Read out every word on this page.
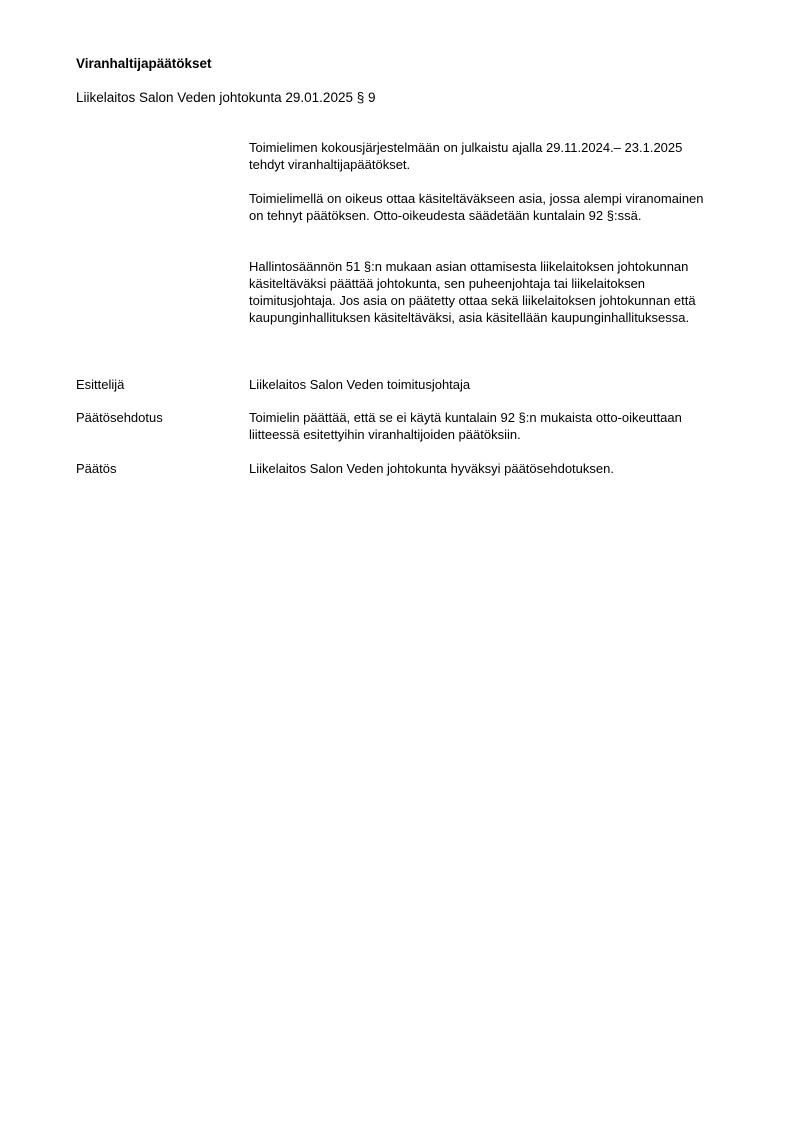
Viranhaltijapäätökset
Liikelaitos Salon Veden johtokunta 29.01.2025 § 9

Toimielimen kokousjärjestelmään on julkaistu ajalla 29.11.2024.– 23.1.2025 tehdyt viranhaltijapäätökset.

Toimielimellä on oikeus ottaa käsiteltäväkseen asia, jossa alempi viranomainen on tehnyt päätöksen. Otto-oikeudesta säädetään kuntalain 92 §:ssä.

Hallintosäännön 51 §:n mukaan asian ottamisesta liikelaitoksen johtokunnan käsiteltäväksi päättää johtokunta, sen puheenjohtaja tai liikelaitoksen toimitusjohtaja. Jos asia on päätetty ottaa sekä liikelaitoksen johtokunnan että kaupunginhallituksen käsiteltäväksi, asia käsitellään kaupunginhallituksessa.

Esittelijä	Liikelaitos Salon Veden toimitusjohtaja
Päätösehdotus	Toimielin päättää, että se ei käytä kuntalain 92 §:n mukaista otto-oikeuttaan liitteessä esitettyihin viranhaltijoiden päätöksiin.
Päätös	Liikelaitos Salon Veden johtokunta hyväksyi päätösehdotuksen.
